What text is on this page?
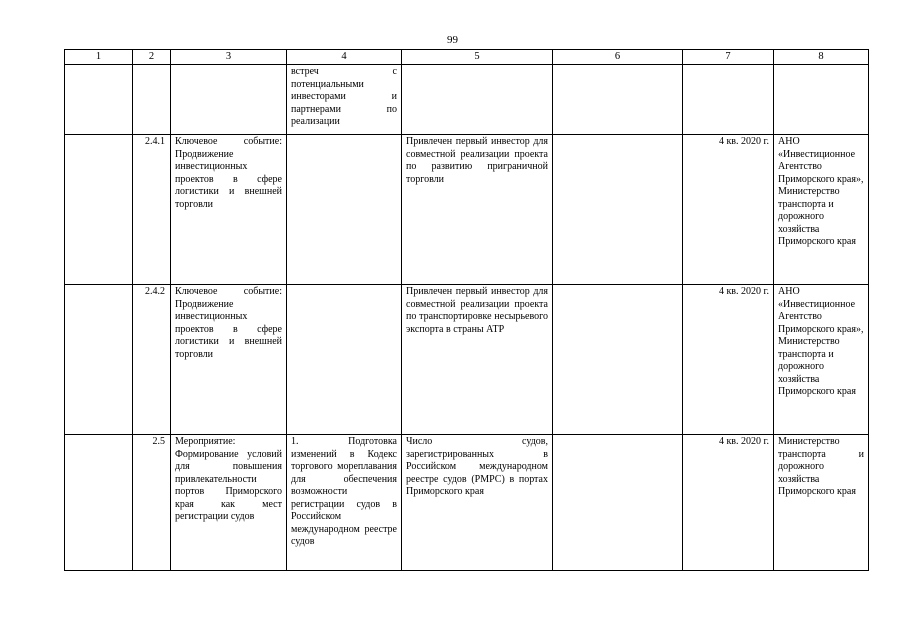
99
1	2	3	4	5	6	7	8
			встреч с потенциальными инвесторами и партнерами по реализации				
	2.4.1	Ключевое событие: Продвижение инвестиционных проектов в сфере логистики и внешней торговли		Привлечен первый инвестор для совместной реализации проекта по развитию приграничной торговли		4 кв. 2020 г.	АНО «Инвестиционное Агентство Приморского края», Министерство транспорта и дорожного хозяйства Приморского края
	2.4.2	Ключевое событие: Продвижение инвестиционных проектов в сфере логистики и внешней торговли		Привлечен первый инвестор для совместной реализации проекта по транспортировке несырьевого экспорта в страны АТР		4 кв. 2020 г.	АНО «Инвестиционное Агентство Приморского края», Министерство транспорта и дорожного хозяйства Приморского края
	2.5	Мероприятие: Формирование условий для повышения привлекательности портов Приморского края как мест регистрации судов	1. Подготовка изменений в Кодекс торгового мореплавания для обеспечения возможности регистрации судов в Российском международном реестре судов	Число судов, зарегистрированных в Российском международном реестре судов (РМРС) в портах Приморского края		4 кв. 2020 г.	Министерство транспорта и дорожного хозяйства Приморского края
